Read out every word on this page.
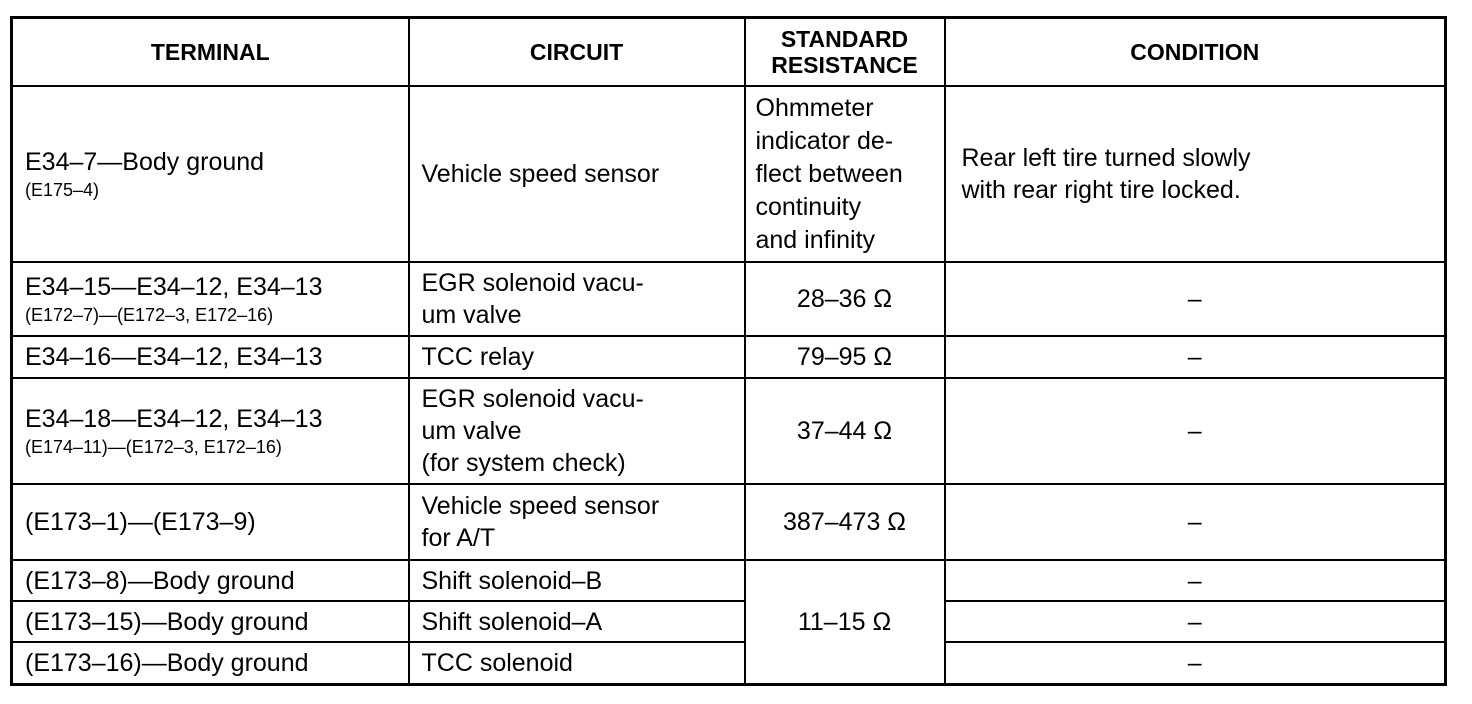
TERMINAL	CIRCUIT	STANDARD
RESISTANCE	CONDITION

E34–7—Body ground
(E175–4)	Vehicle speed sensor	Ohmmeter
indicator de-
flect between
continuity
and infinity	Rear left tire turned slowly
with rear right tire locked.

E34–15—E34–12, E34–13
(E172–7)—(E172–3, E172–16)	EGR solenoid vacu-
um valve	28–36 Ω	–

E34–16—E34–12, E34–13	TCC relay	79–95 Ω	–

E34–18—E34–12, E34–13
(E174–11)—(E172–3, E172–16)	EGR solenoid vacu-
um valve
(for system check)	37–44 Ω	–

(E173–1)—(E173–9)	Vehicle speed sensor
for A/T	387–473 Ω	–

(E173–8)—Body ground	Shift solenoid–B	11–15 Ω	–

(E173–15)—Body ground	Shift solenoid–A		–

(E173–16)—Body ground	TCC solenoid		–
